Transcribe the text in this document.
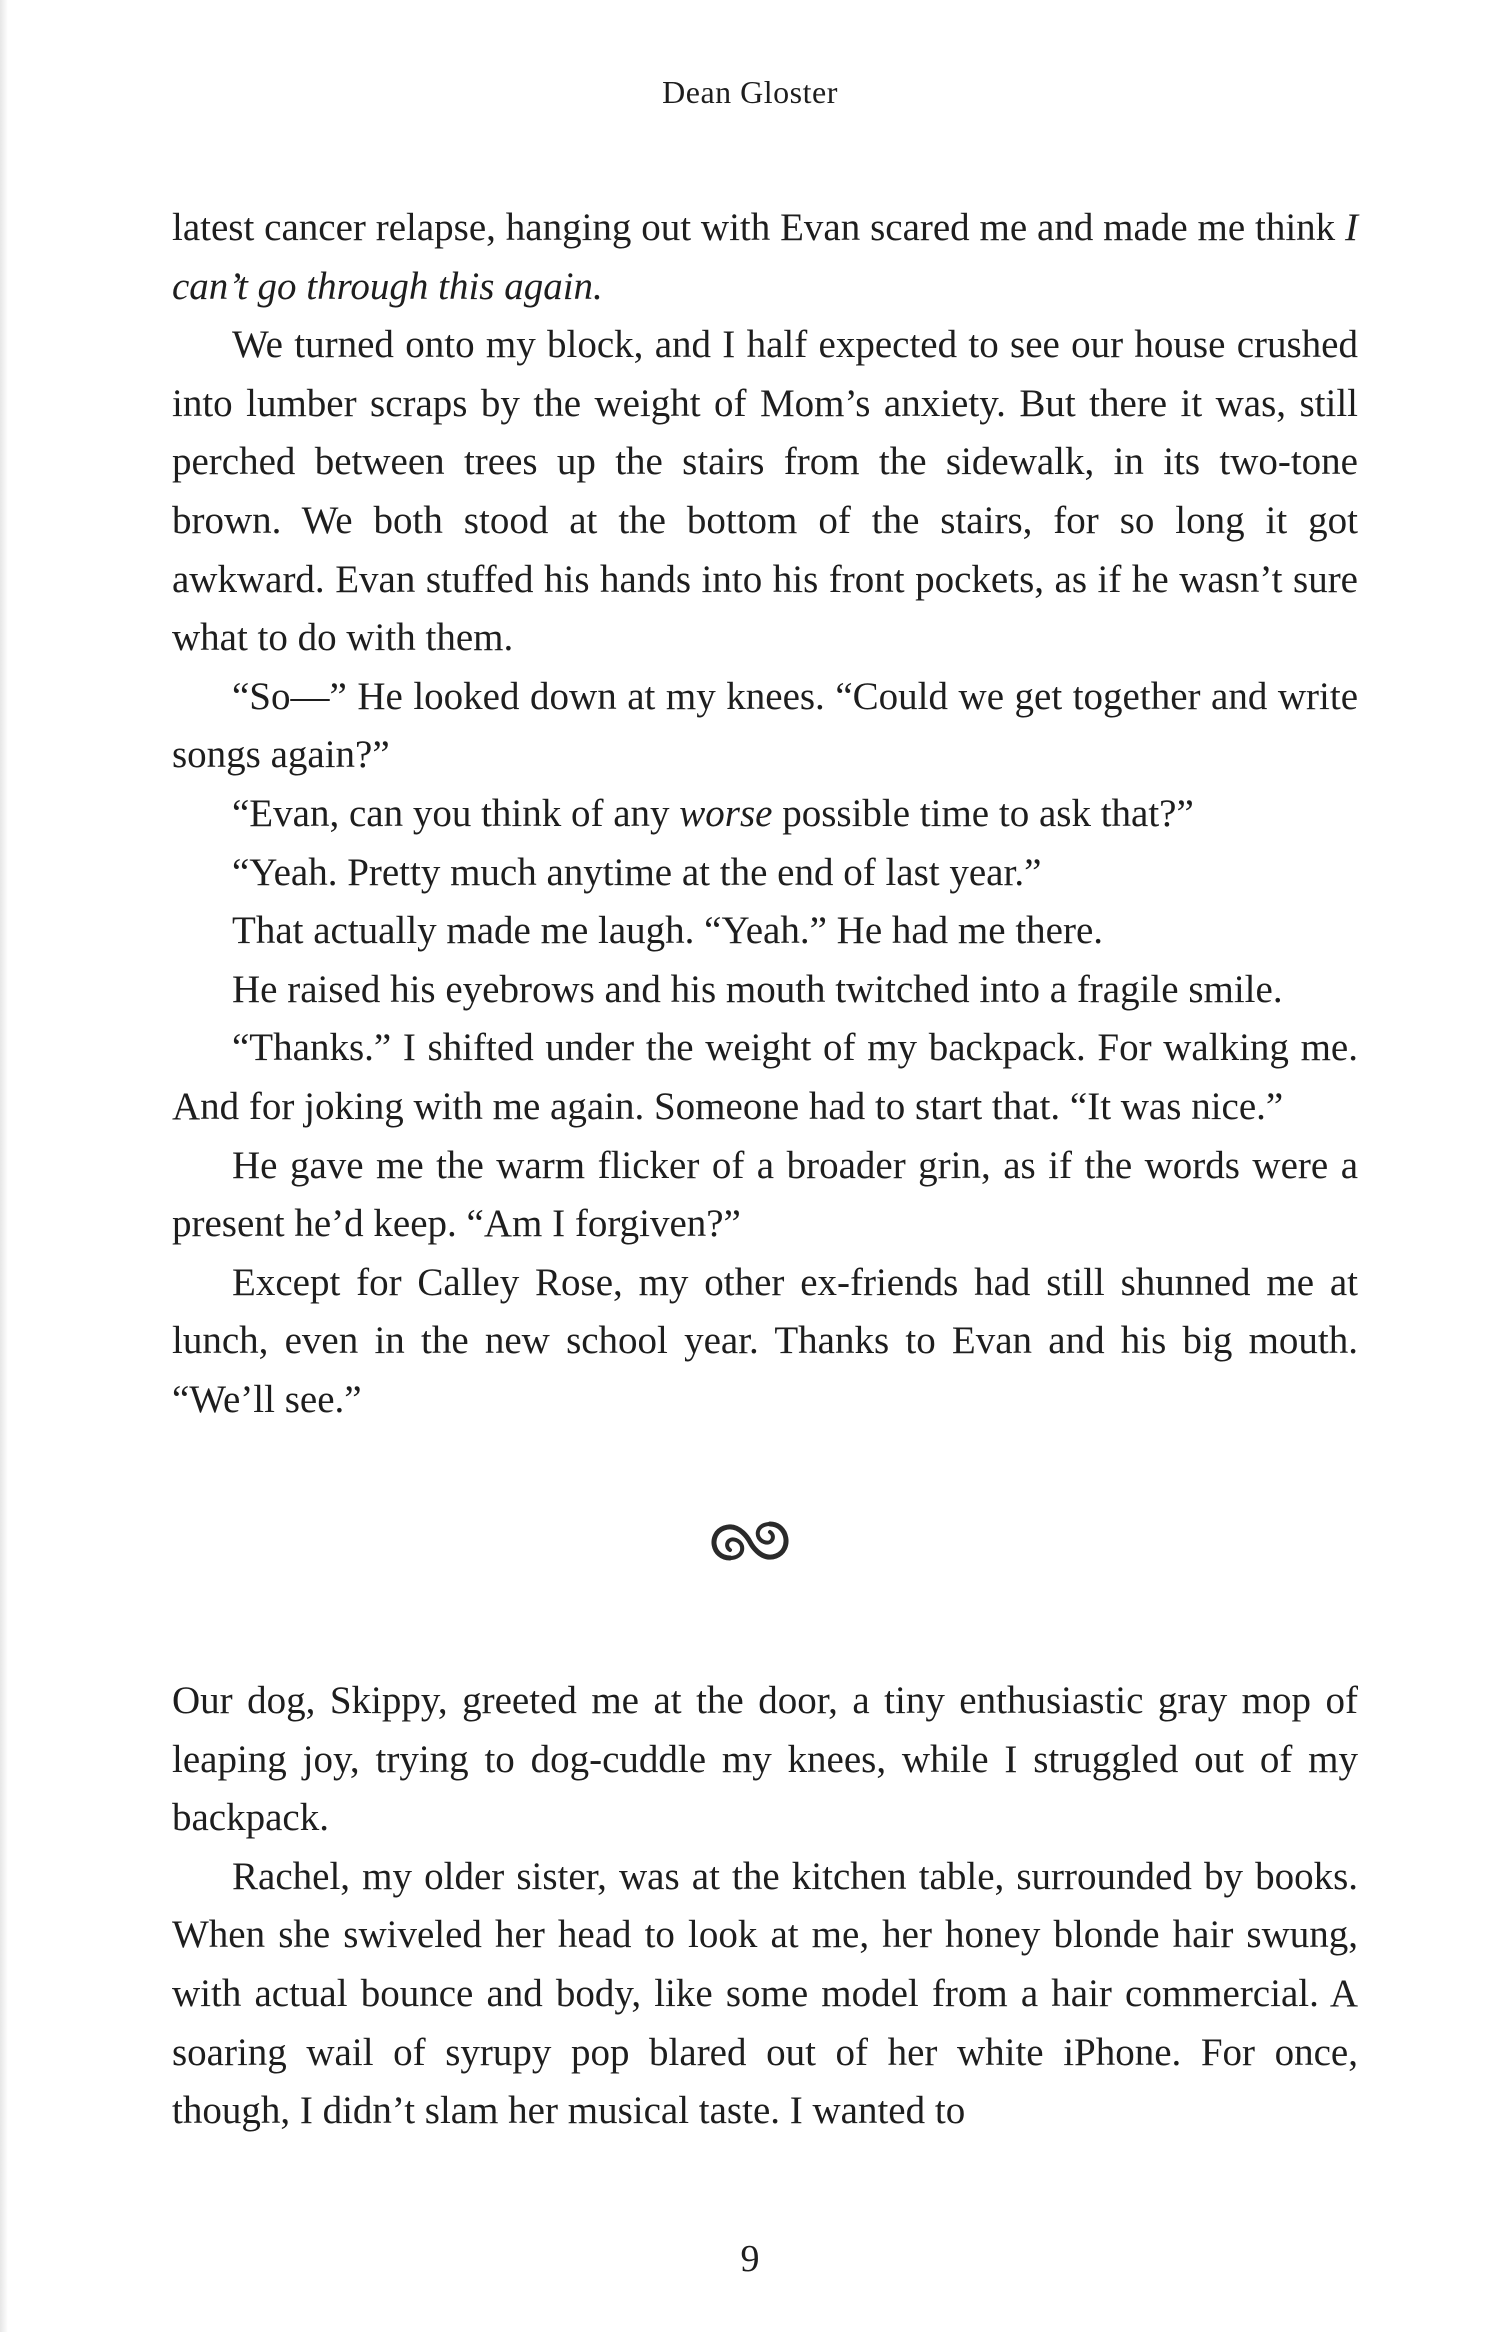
Dean Gloster

latest cancer relapse, hanging out with Evan scared me and made me think I can’t go through this again.

We turned onto my block, and I half expected to see our house crushed into lumber scraps by the weight of Mom’s anxiety. But there it was, still perched between trees up the stairs from the sidewalk, in its two-tone brown. We both stood at the bottom of the stairs, for so long it got awkward. Evan stuffed his hands into his front pockets, as if he wasn’t sure what to do with them.

“So—” He looked down at my knees. “Could we get together and write songs again?”

“Evan, can you think of any worse possible time to ask that?”

“Yeah. Pretty much anytime at the end of last year.”

That actually made me laugh. “Yeah.” He had me there.

He raised his eyebrows and his mouth twitched into a fragile smile.

“Thanks.” I shifted under the weight of my backpack. For walking me. And for joking with me again. Someone had to start that. “It was nice.”

He gave me the warm flicker of a broader grin, as if the words were a present he’d keep. “Am I forgiven?”

Except for Calley Rose, my other ex-friends had still shunned me at lunch, even in the new school year. Thanks to Evan and his big mouth. “We’ll see.”

Our dog, Skippy, greeted me at the door, a tiny enthusiastic gray mop of leaping joy, trying to dog-cuddle my knees, while I struggled out of my backpack.

Rachel, my older sister, was at the kitchen table, surrounded by books. When she swiveled her head to look at me, her honey blonde hair swung, with actual bounce and body, like some model from a hair commercial. A soaring wail of syrupy pop blared out of her white iPhone. For once, though, I didn’t slam her musical taste. I wanted to

9
